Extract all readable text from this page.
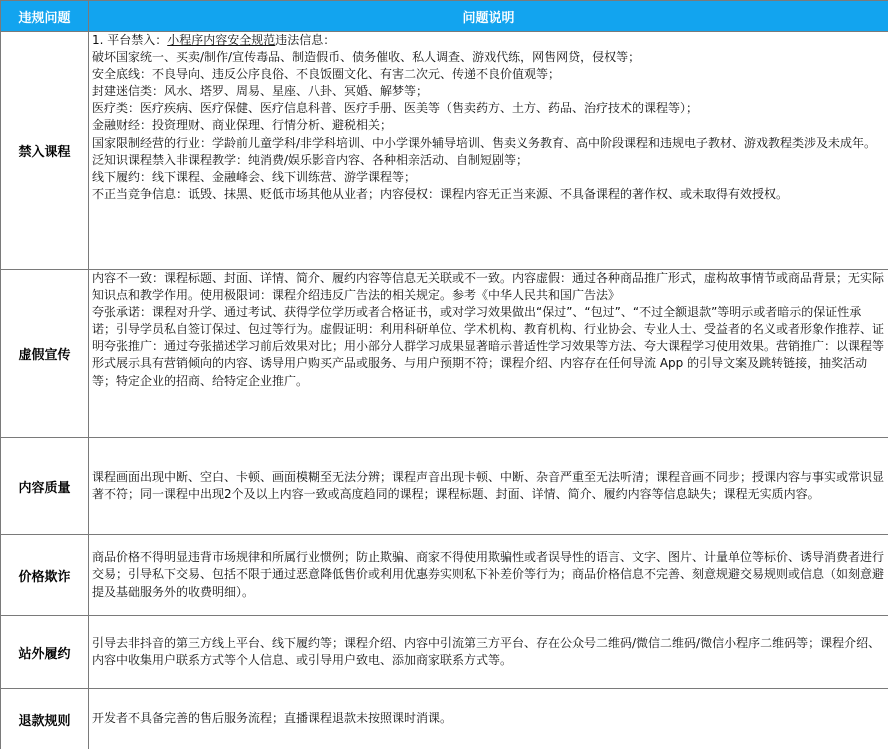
违规问题	问题说明
禁入课程
1. 平台禁入：小程序内容安全规范违法信息：
破坏国家统一、买卖/制作/宣传毒品、制造假币、债务催收、私人调查、游戏代练，网售网贷，侵权等；
安全底线：不良导向、违反公序良俗、不良饭圈文化、有害二次元、传递不良价值观等；
封建迷信类：风水、塔罗、周易、星座、八卦、冥婚、解梦等；
医疗类：医疗疾病、医疗保健、医疗信息科普、医疗手册、医美等（售卖药方、土方、药品、治疗技术的课程等）；
金融财经：投资理财、商业保理、行情分析、避税相关；
国家限制经营的行业：学龄前儿童学科/非学科培训、中小学课外辅导培训、售卖义务教育、高中阶段课程和违规电子教材、游戏教程类涉及未成年。
泛知识课程禁入非课程教学：纯消费/娱乐影音内容、各种相亲活动、自制短剧等；
线下履约：线下课程、金融峰会、线下训练营、游学课程等；
不正当竞争信息：诋毁、抹黑、贬低市场其他从业者；内容侵权：课程内容无正当来源、不具备课程的著作权、或未取得有效授权。
虚假宣传
内容不一致：课程标题、封面、详情、简介、履约内容等信息无关联或不一致。内容虚假：通过各种商品推广形式，虚构故事情节或商品背景；无实际知识点和教学作用。使用极限词：课程介绍违反广告法的相关规定。参考《中华人民共和国广告法》
夸张承诺：课程对升学、通过考试、获得学位学历或者合格证书，或对学习效果做出“保过”、“包过”、“不过全额退款”等明示或者暗示的保证性承诺；引导学员私自签订保过、包过等行为。虚假证明：利用科研单位、学术机构、教育机构、行业协会、专业人士、受益者的名义或者形象作推荐、证明夸张推广：通过夸张描述学习前后效果对比；用小部分人群学习成果显著暗示普适性学习效果等方法、夸大课程学习使用效果。营销推广：以课程等形式展示具有营销倾向的内容、诱导用户购买产品或服务、与用户预期不符；课程介绍、内容存在任何导流 App 的引导文案及跳转链接，抽奖活动等；特定企业的招商、给特定企业推广。
内容质量
课程画面出现中断、空白、卡顿、画面模糊至无法分辨；课程声音出现卡顿、中断、杂音严重至无法听清；课程音画不同步；授课内容与事实或常识显著不符；同一课程中出现2个及以上内容一致或高度趋同的课程；课程标题、封面、详情、简介、履约内容等信息缺失；课程无实质内容。
价格欺诈
商品价格不得明显违背市场规律和所属行业惯例；防止欺骗、商家不得使用欺骗性或者误导性的语言、文字、图片、计量单位等标价、诱导消费者进行交易；引导私下交易、包括不限于通过恶意降低售价或利用优惠券实则私下补差价等行为；商品价格信息不完善、刻意规避交易规则或信息（如刻意避提及基础服务外的收费明细）。
站外履约
引导去非抖音的第三方线上平台、线下履约等；课程介绍、内容中引流第三方平台、存在公众号二维码/微信二维码/微信小程序二维码等；课程介绍、内容中收集用户联系方式等个人信息、或引导用户致电、添加商家联系方式等。
退款规则	开发者不具备完善的售后服务流程；直播课程退款未按照课时消课。
